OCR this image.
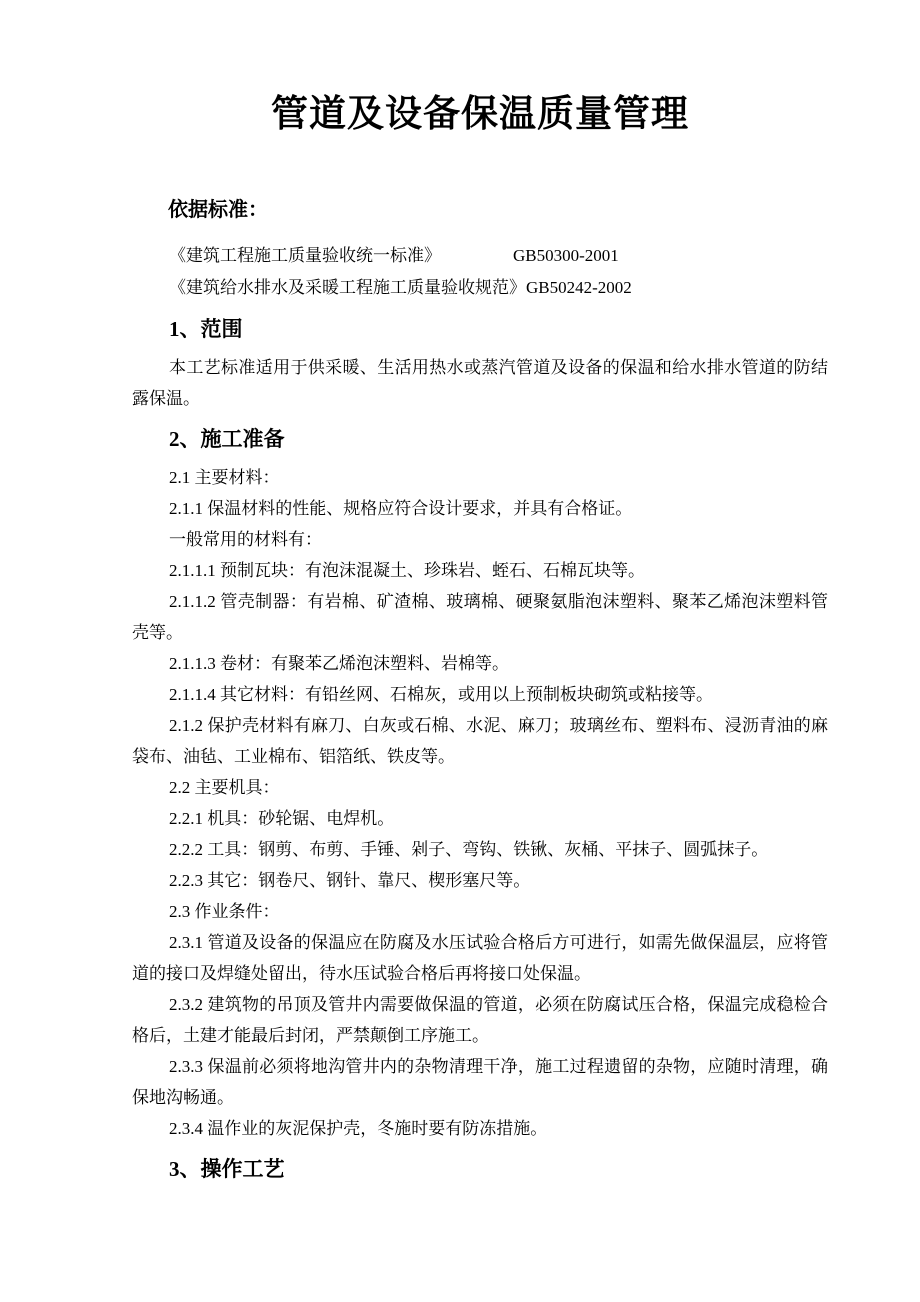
管道及设备保温质量管理

依据标准：

《建筑工程施工质量验收统一标准》	GB50300-2001
《建筑给水排水及采暖工程施工质量验收规范》 GB50242-2002
1、范围

本工艺标准适用于供采暖、生活用热水或蒸汽管道及设备的保温和给水排水管道的防结露保温。

2、施工准备

2.1 主要材料：

2.1.1 保温材料的性能、规格应符合设计要求，并具有合格证。

一般常用的材料有：

2.1.1.1 预制瓦块：有泡沫混凝土、珍珠岩、蛭石、石棉瓦块等。

2.1.1.2 管壳制器：有岩棉、矿渣棉、玻璃棉、硬聚氨脂泡沫塑料、聚苯乙烯泡沫塑料管壳等。

2.1.1.3 卷材：有聚苯乙烯泡沫塑料、岩棉等。

2.1.1.4 其它材料：有铅丝网、石棉灰，或用以上预制板块砌筑或粘接等。

2.1.2 保护壳材料有麻刀、白灰或石棉、水泥、麻刀；玻璃丝布、塑料布、浸沥青油的麻袋布、油毡、工业棉布、铝箔纸、铁皮等。

2.2 主要机具：

2.2.1 机具：砂轮锯、电焊机。

2.2.2 工具：钢剪、布剪、手锤、剁子、弯钩、铁锹、灰桶、平抹子、圆弧抹子。

2.2.3 其它：钢卷尺、钢针、靠尺、楔形塞尺等。

2.3 作业条件：

2.3.1 管道及设备的保温应在防腐及水压试验合格后方可进行，如需先做保温层，应将管道的接口及焊缝处留出，待水压试验合格后再将接口处保温。

2.3.2 建筑物的吊顶及管井内需要做保温的管道，必须在防腐试压合格，保温完成稳检合格后，土建才能最后封闭，严禁颠倒工序施工。

2.3.3 保温前必须将地沟管井内的杂物清理干净，施工过程遗留的杂物，应随时清理，确保地沟畅通。

2.3.4 温作业的灰泥保护壳，冬施时要有防冻措施。

3、操作工艺
